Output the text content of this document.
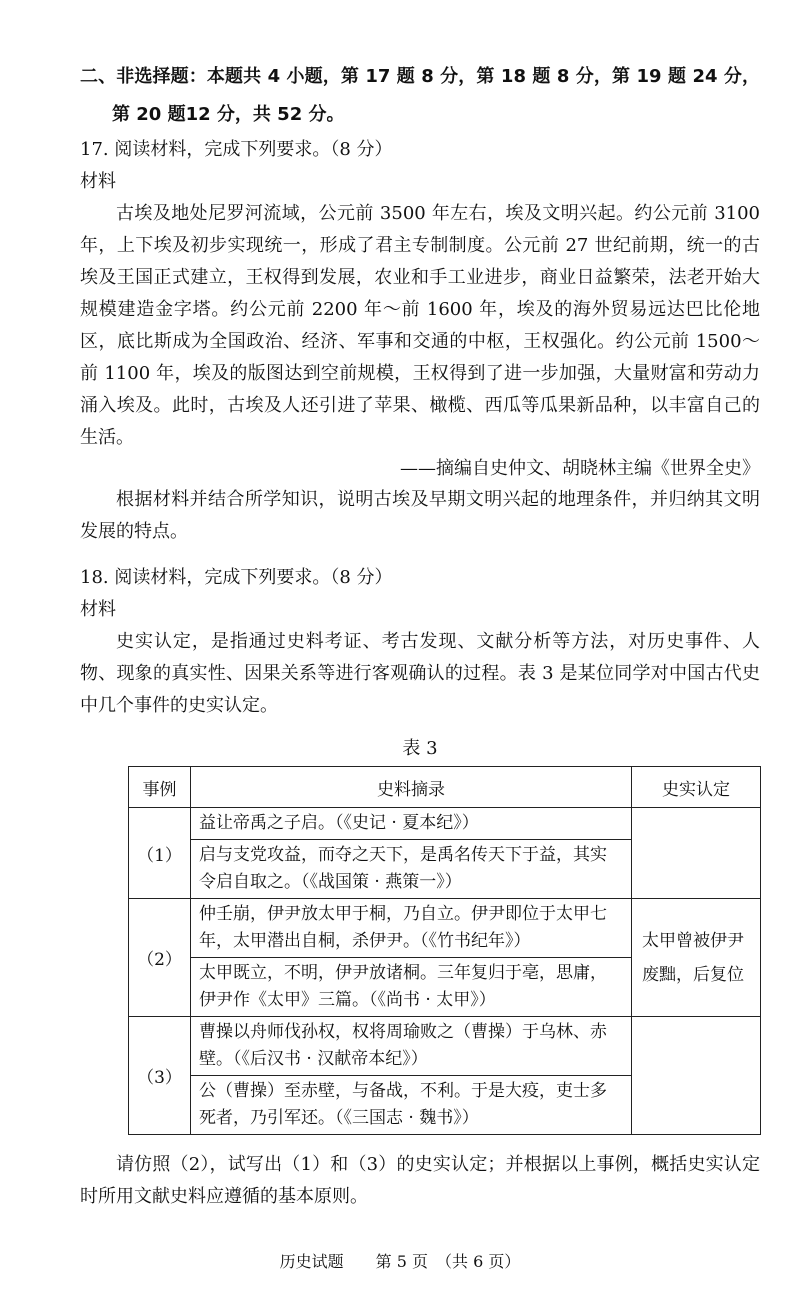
二、非选择题：本题共 4 小题，第 17 题 8 分，第 18 题 8 分，第 19 题 24 分，第 20 题12 分，共 52 分。
17. 阅读材料，完成下列要求。（8 分）
材料
古埃及地处尼罗河流域，公元前 3500 年左右，埃及文明兴起。约公元前 3100 年，上下埃及初步实现统一，形成了君主专制制度。公元前 27 世纪前期，统一的古埃及王国正式建立，王权得到发展，农业和手工业进步，商业日益繁荣，法老开始大规模建造金字塔。约公元前 2200 年～前 1600 年，埃及的海外贸易远达巴比伦地区，底比斯成为全国政治、经济、军事和交通的中枢，王权强化。约公元前 1500～前 1100 年，埃及的版图达到空前规模，王权得到了进一步加强，大量财富和劳动力涌入埃及。此时，古埃及人还引进了苹果、橄榄、西瓜等瓜果新品种，以丰富自己的生活。
——摘编自史仲文、胡晓林主编《世界全史》
根据材料并结合所学知识，说明古埃及早期文明兴起的地理条件，并归纳其文明发展的特点。
18. 阅读材料，完成下列要求。（8 分）
材料
史实认定，是指通过史料考证、考古发现、文献分析等方法，对历史事件、人物、现象的真实性、因果关系等进行客观确认的过程。表 3 是某位同学对中国古代史中几个事件的史实认定。
表 3
事例	史料摘录	史实认定
（1）	益让帝禹之子启。（《史记 · 夏本纪》）	
	启与支党攻益，而夺之天下，是禹名传天下于益，其实令启自取之。（《战国策 · 燕策一》）	
（2）	仲壬崩，伊尹放太甲于桐，乃自立。伊尹即位于太甲七年，太甲潜出自桐，杀伊尹。（《竹书纪年》）	太甲曾被伊尹废黜，后复位
	太甲既立，不明，伊尹放诸桐。三年复归于亳，思庸，伊尹作《太甲》三篇。（《尚书 · 太甲》）	
（3）	曹操以舟师伐孙权，权将周瑜败之（曹操）于乌林、赤壁。（《后汉书 · 汉献帝本纪》）	
	公（曹操）至赤壁，与备战，不利。于是大疫，吏士多死者，乃引军还。（《三国志 · 魏书》）	
请仿照（2），试写出（1）和（3）的史实认定；并根据以上事例，概括史实认定时所用文献史料应遵循的基本原则。
历史试题　　第 5 页　（共 6 页）
